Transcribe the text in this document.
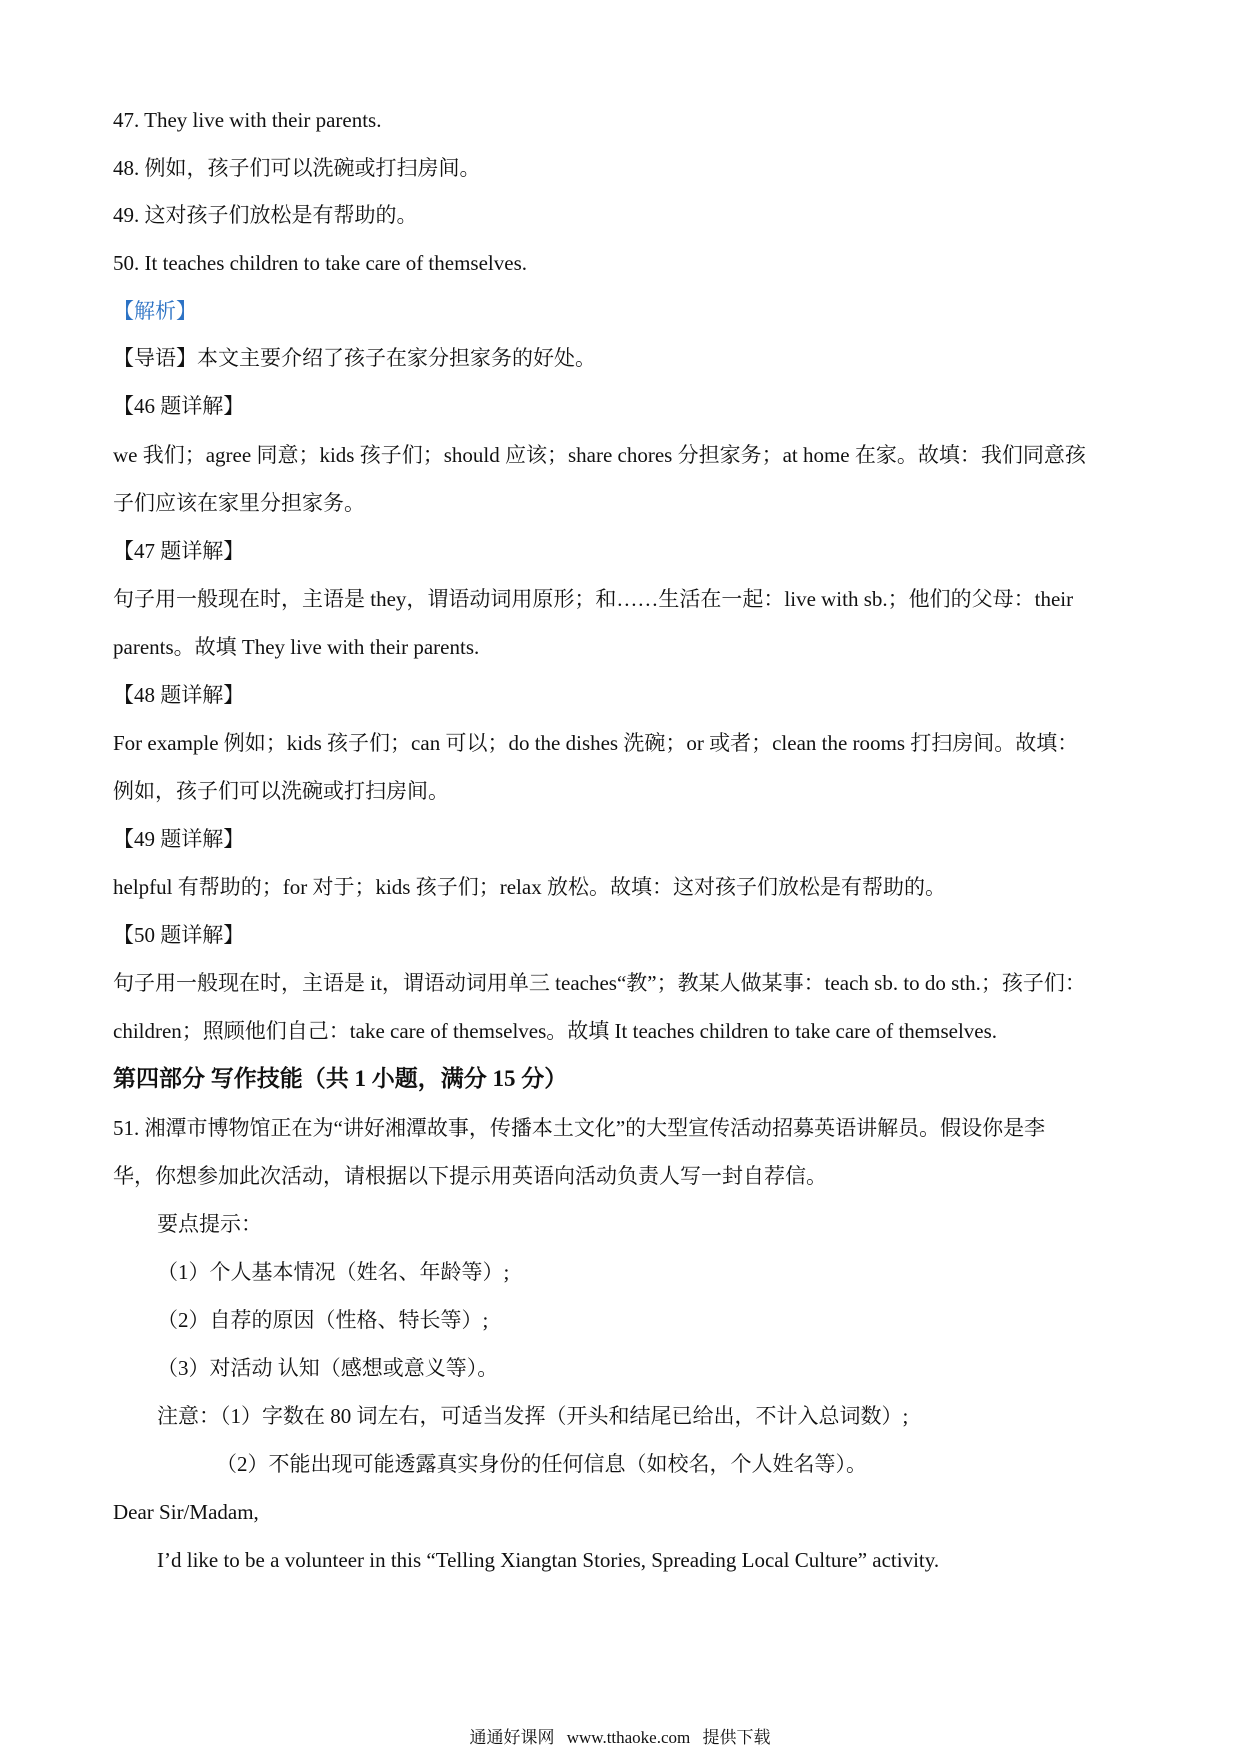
47. They live with their parents.
48. 例如，孩子们可以洗碗或打扫房间。
49. 这对孩子们放松是有帮助的。
50. It teaches children to take care of themselves.
【解析】
【导语】本文主要介绍了孩子在家分担家务的好处。
【46 题详解】
we 我们；agree 同意；kids 孩子们；should 应该；share chores 分担家务；at home 在家。故填：我们同意孩
子们应该在家里分担家务。
【47 题详解】
句子用一般现在时，主语是 they，谓语动词用原形；和……生活在一起：live with sb.；他们的父母：their
parents。故填 They live with their parents.
【48 题详解】
For example 例如；kids 孩子们；can 可以；do the dishes 洗碗；or 或者；clean the rooms 打扫房间。故填：
例如，孩子们可以洗碗或打扫房间。
【49 题详解】
helpful 有帮助的；for 对于；kids 孩子们；relax 放松。故填：这对孩子们放松是有帮助的。
【50 题详解】
句子用一般现在时，主语是 it，谓语动词用单三 teaches“教”；教某人做某事：teach sb. to do sth.；孩子们：
children；照顾他们自己：take care of themselves。故填 It teaches children to take care of themselves.
第四部分 写作技能（共 1 小题，满分 15 分）
51. 湘潭市博物馆正在为“讲好湘潭故事，传播本土文化”的大型宣传活动招募英语讲解员。假设你是李
华，你想参加此次活动，请根据以下提示用英语向活动负责人写一封自荐信。
要点提示：
（1）个人基本情况（姓名、年龄等）;
（2）自荐的原因（性格、特长等）;
（3）对活动 认知（感想或意义等）。
注意：（1）字数在 80 词左右，可适当发挥（开头和结尾已给出，不计入总词数）;
（2）不能出现可能透露真实身份的任何信息（如校名，个人姓名等）。
Dear Sir/Madam,
I’d like to be a volunteer in this “Telling Xiangtan Stories, Spreading Local Culture” activity.
通通好课网 www.tthaoke.com 提供下载
